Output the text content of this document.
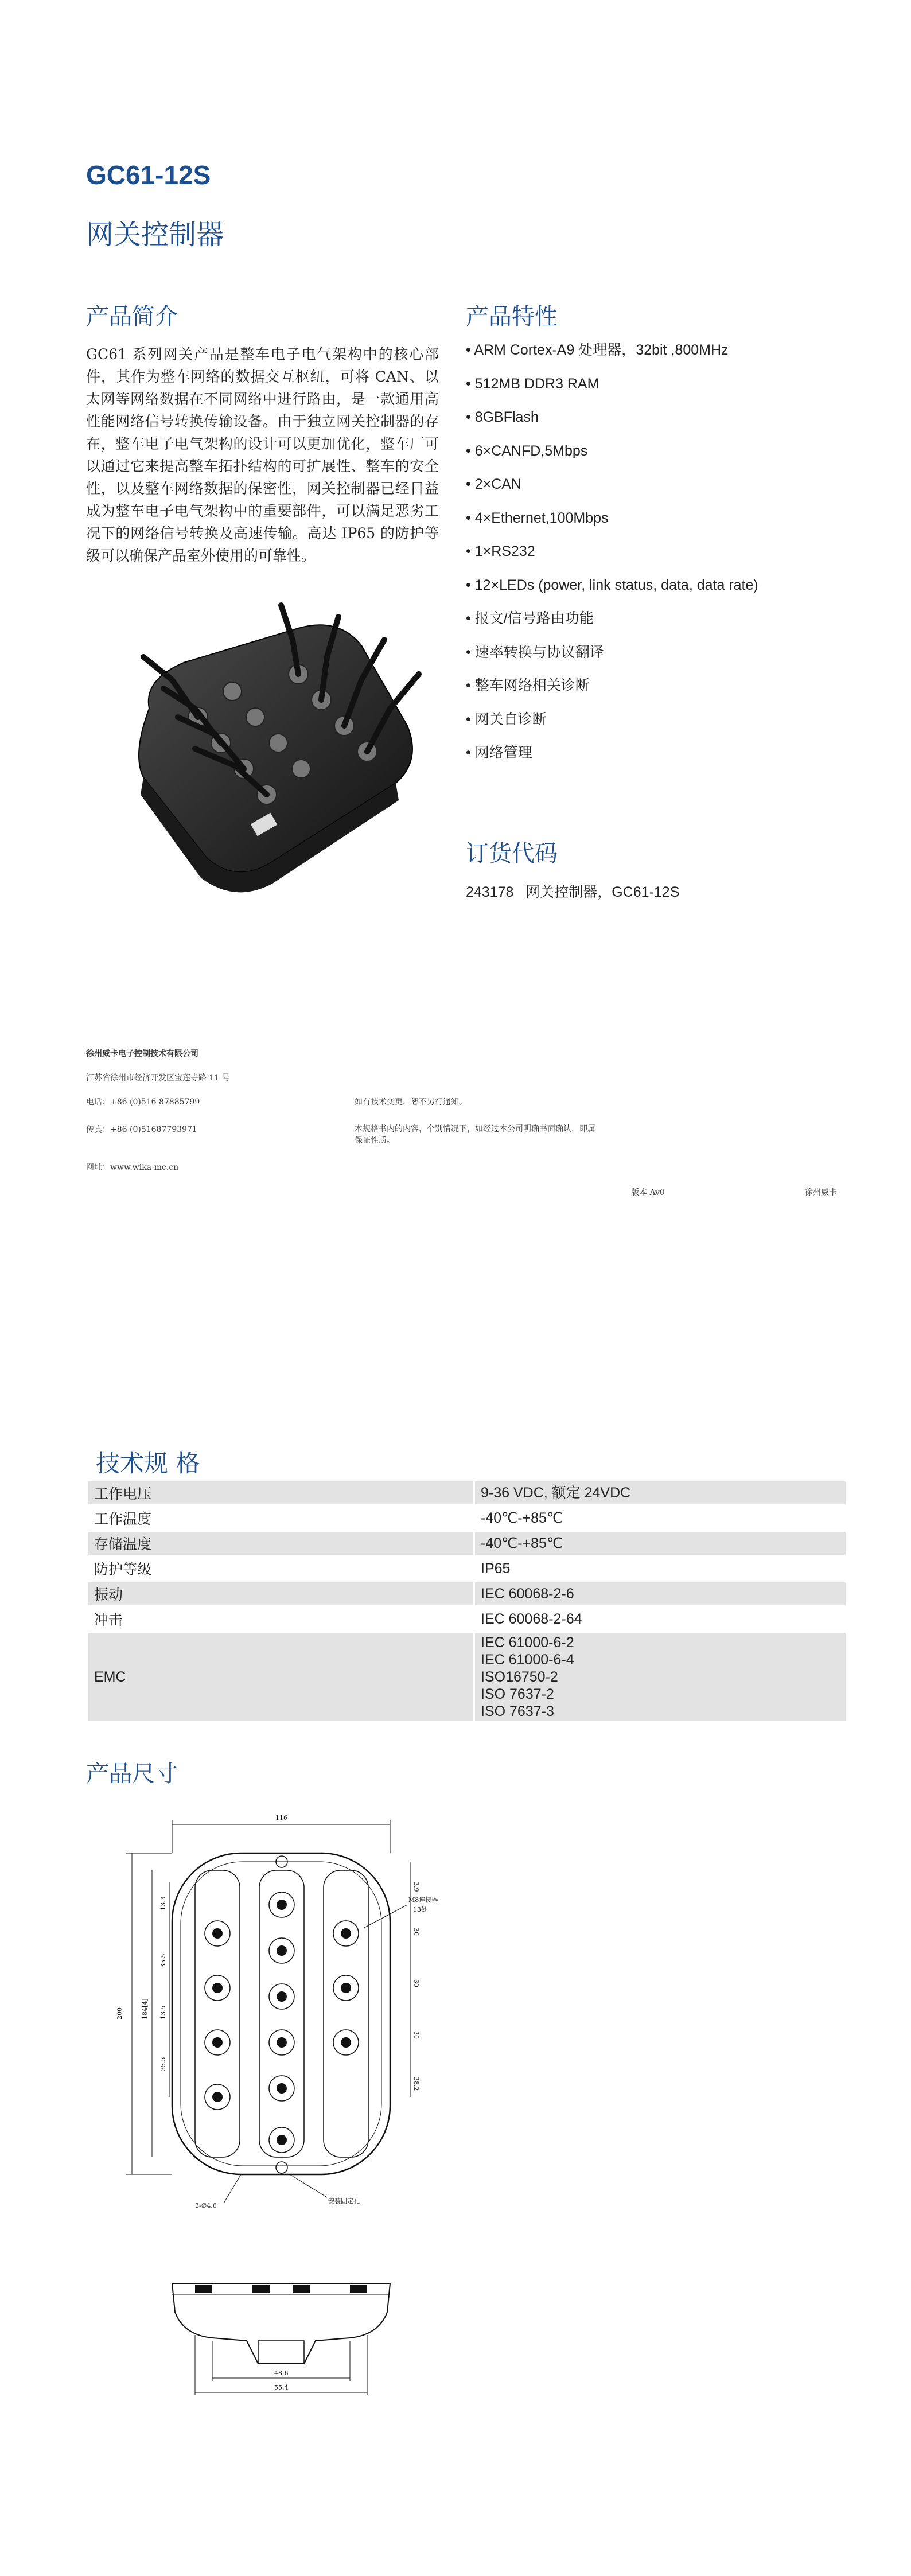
GC61-12S
网关控制器
产品简介
GC61 系列网关产品是整车电子电气架构中的核心部件，其作为整车网络的数据交互枢纽，可将 CAN、以太网等网络数据在不同网络中进行路由，是一款通用高性能网络信号转换传输设备。由于独立网关控制器的存在，整车电子电气架构的设计可以更加优化，整车厂可以通过它来提高整车拓扑结构的可扩展性、整车的安全性，以及整车网络数据的保密性，网关控制器已经日益成为整车电子电气架构中的重要部件，可以满足恶劣工况下的网络信号转换及高速传输。高达 IP65 的防护等级可以确保产品室外使用的可靠性。
产品特性
• ARM Cortex-A9 处理器，32bit ,800MHz
• 512MB DDR3 RAM
• 8GBFlash
• 6×CANFD,5Mbps
• 2×CAN
• 4×Ethernet,100Mbps
• 1×RS232
• 12×LEDs (power, link status, data, data rate)
• 报文/信号路由功能
• 速率转换与协议翻译
• 整车网络相关诊断
• 网关自诊断
• 网络管理
订货代码
243178   网关控制器，GC61-12S
徐州威卡电子控制技术有限公司
江苏省徐州市经济开发区宝莲寺路 11 号
电话：+86 (0)516 87885799
传真：+86 (0)5168779​3971
网址：www.wika-mc.cn
如有技术变更，恕不另行通知。
本规格书内的内容，个别情况下，如经过本公司明确书面确认，即属保证性质。
版本 Av0	徐州威卡
技术规 格
工作电压	9-36 VDC, 额定 24VDC

工作温度	-40℃-+85℃

存储温度	-40℃-+85℃

防护等级	IP65

振动	IEC 60068-2-6

冲击	IEC 60068-2-64

EMC	IEC 61000-6-2
IEC 61000-6-4
ISO16750-2
ISO 7637-2
ISO 7637-3
产品尺寸
116
200	184[4]
13.3
35.5
13.5
35.5
3.9
30
30
30
38.2
M8连接器
13处
安装固定孔
3-∅4.6
48.6
55.4
